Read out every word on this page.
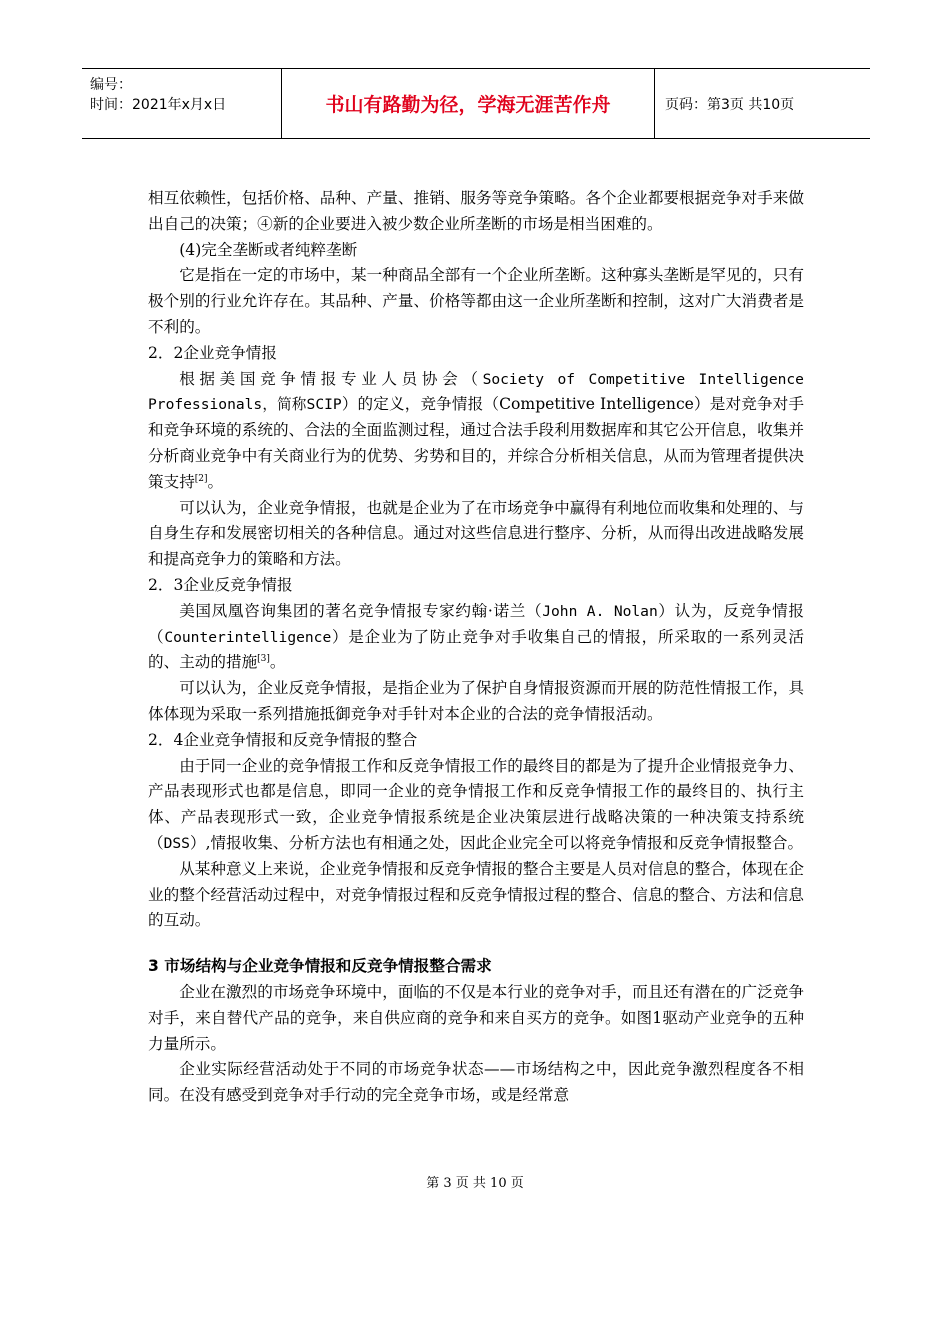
编号：
时间：2021年x月x日	书山有路勤为径，学海无涯苦作舟	页码：第3页 共10页

相互依赖性，包括价格、品种、产量、推销、服务等竞争策略。各个企业都要根据竞争对手来做出自己的决策；④新的企业要进入被少数企业所垄断的市场是相当困难的。

(4)完全垄断或者纯粹垄断

它是指在一定的市场中，某一种商品全部有一个企业所垄断。这种寡头垄断是罕见的，只有极个别的行业允许存在。其品种、产量、价格等都由这一企业所垄断和控制，这对广大消费者是不利的。

2．2企业竞争情报

根据美国竞争情报专业人员协会（Society of Competitive Intelligence Professionals，简称SCIP）的定义，竞争情报（Competitive Intelligence）是对竞争对手和竞争环境的系统的、合法的全面监测过程，通过合法手段利用数据库和其它公开信息，收集并分析商业竞争中有关商业行为的优势、劣势和目的，并综合分析相关信息，从而为管理者提供决策支持[2]。

可以认为，企业竞争情报，也就是企业为了在市场竞争中赢得有利地位而收集和处理的、与自身生存和发展密切相关的各种信息。通过对这些信息进行整序、分析，从而得出改进战略发展和提高竞争力的策略和方法。

2．3企业反竞争情报

美国凤凰咨询集团的著名竞争情报专家约翰·诺兰（John A. Nolan）认为，反竞争情报（Counterintelligence）是企业为了防止竞争对手收集自己的情报，所采取的一系列灵活的、主动的措施[3]。

可以认为，企业反竞争情报，是指企业为了保护自身情报资源而开展的防范性情报工作，具体体现为采取一系列措施抵御竞争对手针对本企业的合法的竞争情报活动。

2．4企业竞争情报和反竞争情报的整合

由于同一企业的竞争情报工作和反竞争情报工作的最终目的都是为了提升企业情报竞争力、产品表现形式也都是信息，即同一企业的竞争情报工作和反竞争情报工作的最终目的、执行主体、产品表现形式一致，企业竞争情报系统是企业决策层进行战略决策的一种决策支持系统（DSS）,情报收集、分析方法也有相通之处，因此企业完全可以将竞争情报和反竞争情报整合。

从某种意义上来说，企业竞争情报和反竞争情报的整合主要是人员对信息的整合，体现在企业的整个经营活动过程中，对竞争情报过程和反竞争情报过程的整合、信息的整合、方法和信息的互动。

3 市场结构与企业竞争情报和反竞争情报整合需求

企业在激烈的市场竞争环境中，面临的不仅是本行业的竞争对手，而且还有潜在的广泛竞争对手，来自替代产品的竞争，来自供应商的竞争和来自买方的竞争。如图1驱动产业竞争的五种力量所示。

企业实际经营活动处于不同的市场竞争状态——市场结构之中，因此竞争激烈程度各不相同。在没有感受到竞争对手行动的完全竞争市场，或是经常意

第 3 页 共 10 页
